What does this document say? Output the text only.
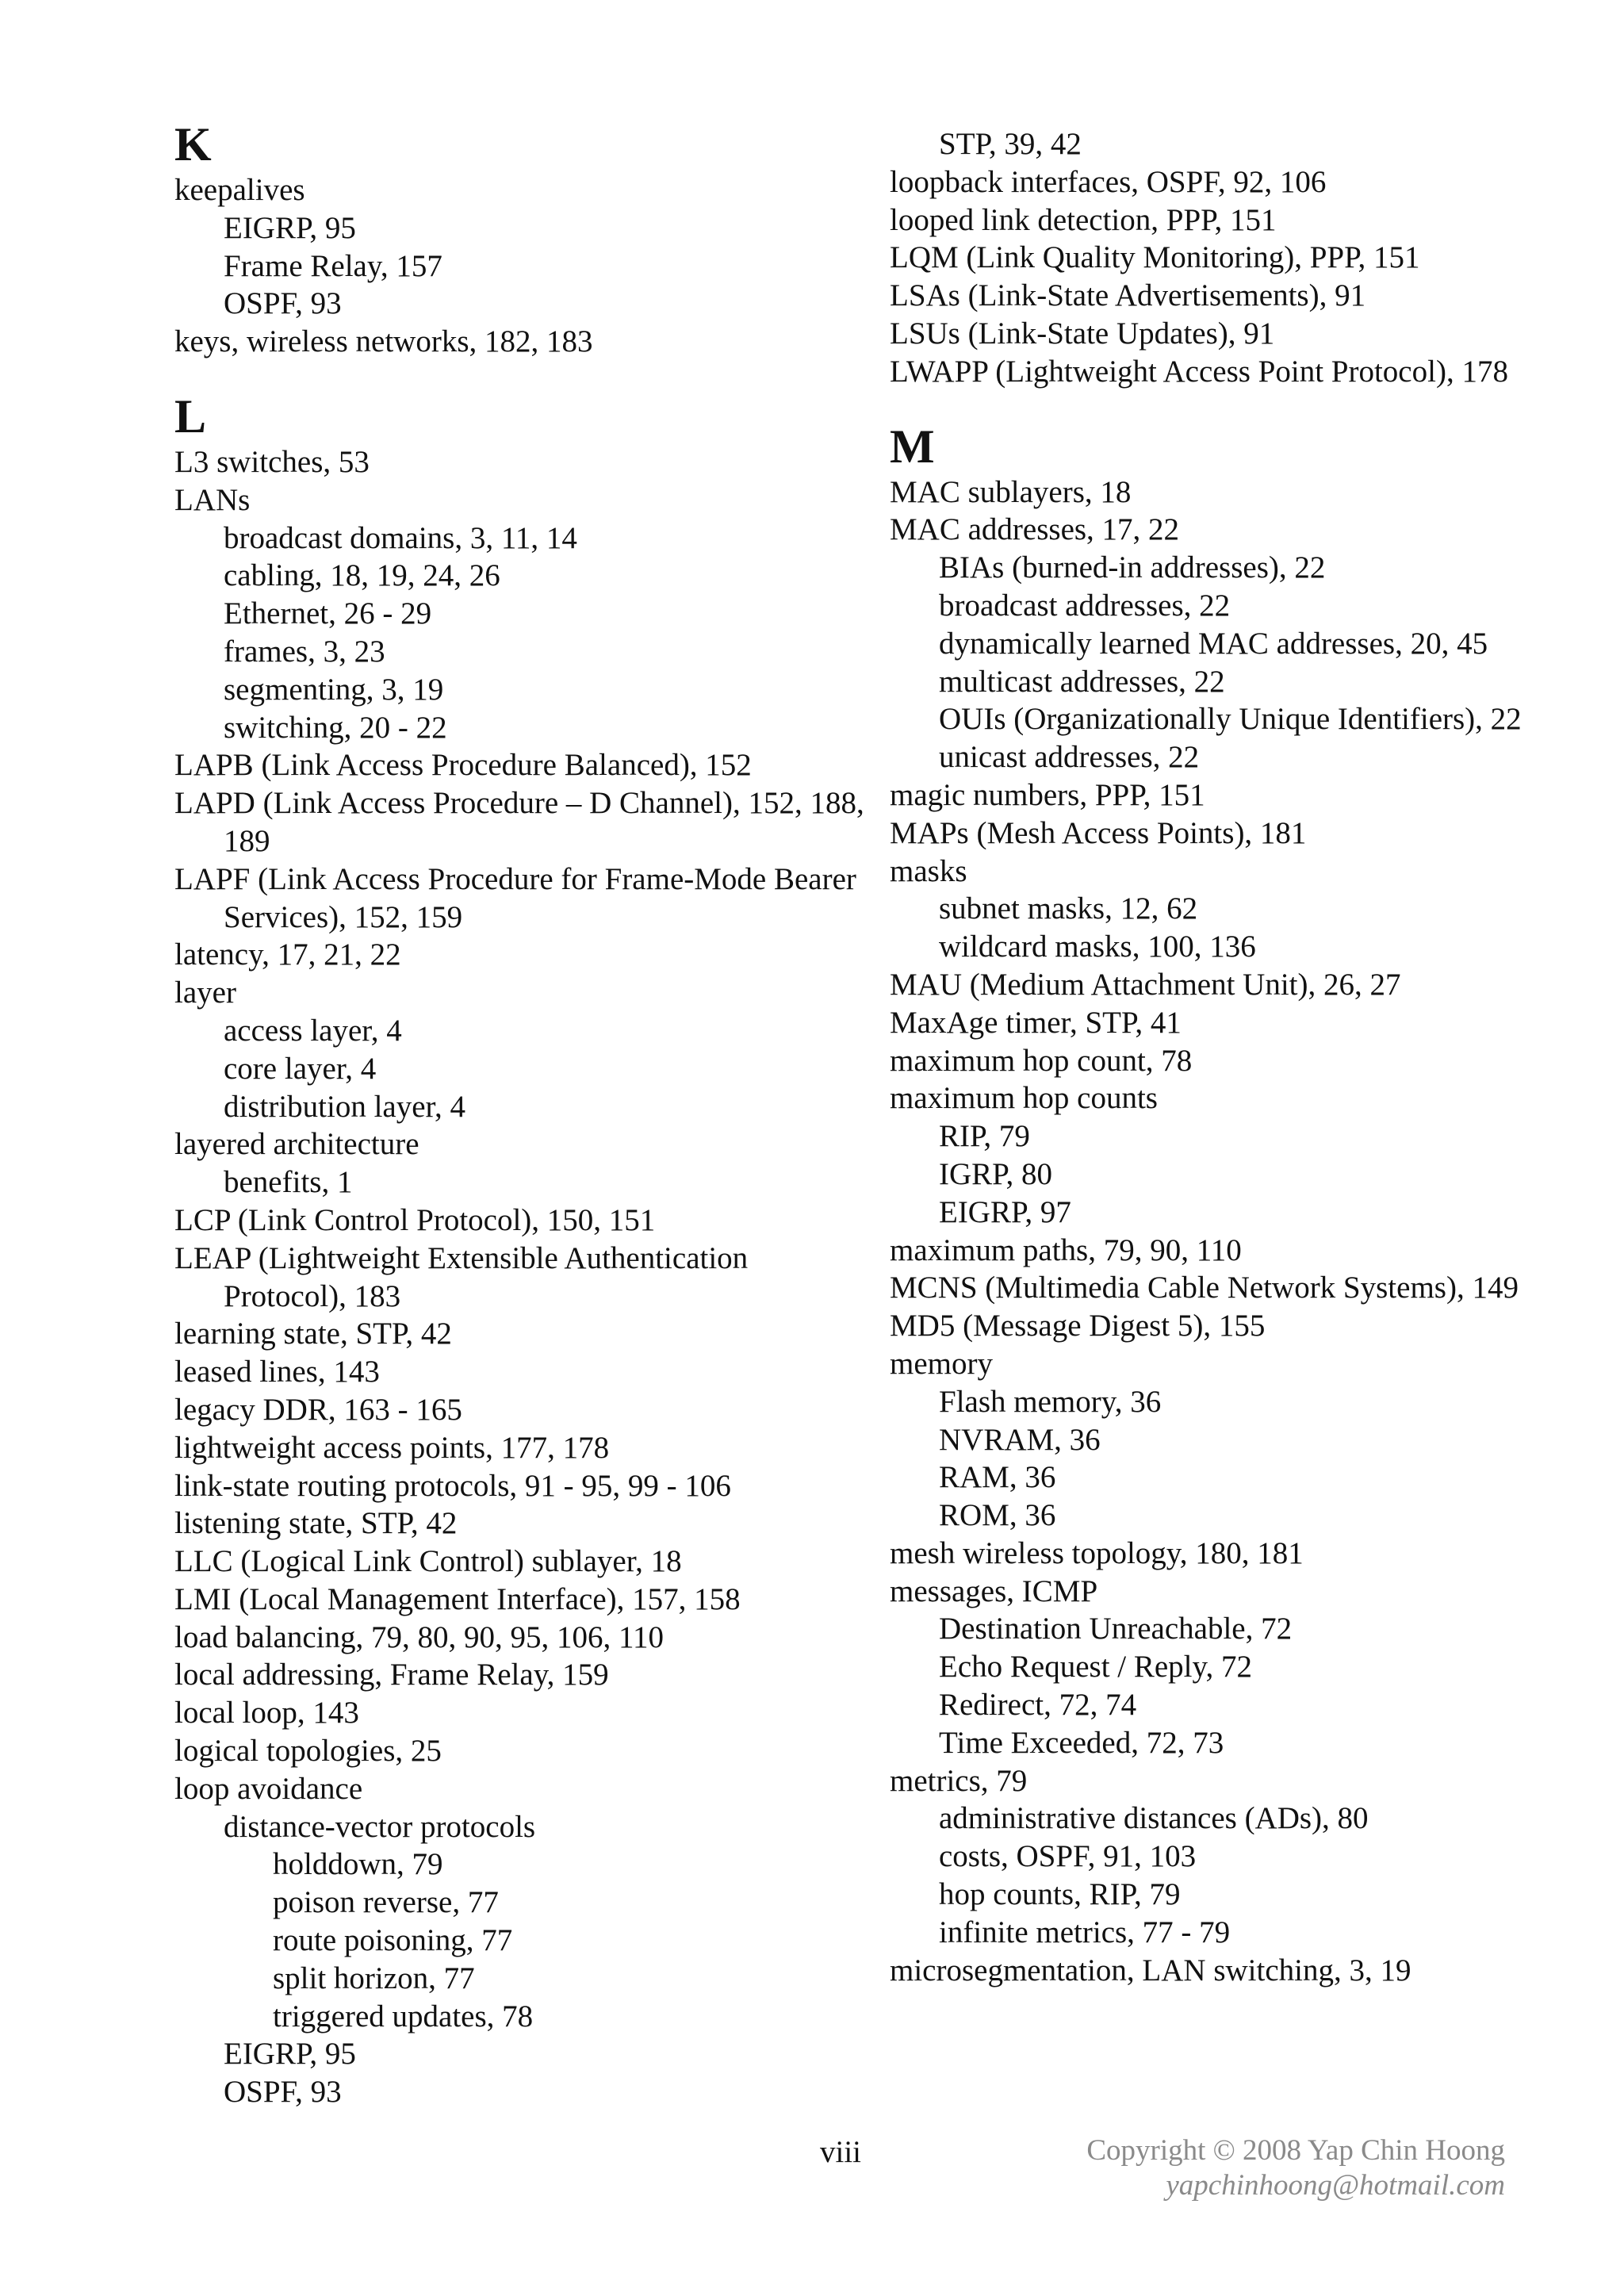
K

keepalives

EIGRP, 95

Frame Relay, 157

OSPF, 93

keys, wireless networks, 182, 183

L

L3 switches, 53

LANs

broadcast domains, 3, 11, 14

cabling, 18, 19, 24, 26

Ethernet, 26 - 29

frames, 3, 23

segmenting, 3, 19

switching, 20 - 22

LAPB (Link Access Procedure Balanced), 152

LAPD (Link Access Procedure – D Channel), 152, 188, 189

LAPF (Link Access Procedure for Frame-Mode Bearer Services), 152, 159

latency, 17, 21, 22

layer

access layer, 4

core layer, 4

distribution layer, 4

layered architecture

benefits, 1

LCP (Link Control Protocol), 150, 151

LEAP (Lightweight Extensible Authentication Protocol), 183

learning state, STP, 42

leased lines, 143

legacy DDR, 163 - 165

lightweight access points, 177, 178

link-state routing protocols, 91 - 95, 99 - 106

listening state, STP, 42

LLC (Logical Link Control) sublayer, 18

LMI (Local Management Interface), 157, 158

load balancing, 79, 80, 90, 95, 106, 110

local addressing, Frame Relay, 159

local loop, 143

logical topologies, 25

loop avoidance

distance-vector protocols

holddown, 79

poison reverse, 77

route poisoning, 77

split horizon, 77

triggered updates, 78

EIGRP, 95

OSPF, 93

STP, 39, 42

loopback interfaces, OSPF, 92, 106

looped link detection, PPP, 151

LQM (Link Quality Monitoring), PPP, 151

LSAs (Link-State Advertisements), 91

LSUs (Link-State Updates), 91

LWAPP (Lightweight Access Point Protocol), 178

M

MAC sublayers, 18

MAC addresses, 17, 22

BIAs (burned-in addresses), 22

broadcast addresses, 22

dynamically learned MAC addresses, 20, 45

multicast addresses, 22

OUIs (Organizationally Unique Identifiers), 22

unicast addresses, 22

magic numbers, PPP, 151

MAPs (Mesh Access Points), 181

masks

subnet masks, 12, 62

wildcard masks, 100, 136

MAU (Medium Attachment Unit), 26, 27

MaxAge timer, STP, 41

maximum hop count, 78

maximum hop counts

RIP, 79

IGRP, 80

EIGRP, 97

maximum paths, 79, 90, 110

MCNS (Multimedia Cable Network Systems), 149

MD5 (Message Digest 5), 155

memory

Flash memory, 36

NVRAM, 36

RAM, 36

ROM, 36

mesh wireless topology, 180, 181

messages, ICMP

Destination Unreachable, 72

Echo Request / Reply, 72

Redirect, 72, 74

Time Exceeded, 72, 73

metrics, 79

administrative distances (ADs), 80

costs, OSPF, 91, 103

hop counts, RIP, 79

infinite metrics, 77 - 79

microsegmentation, LAN switching, 3, 19

viii	Copyright © 2008 Yap Chin Hoong
yapchinhoong@hotmail.com
